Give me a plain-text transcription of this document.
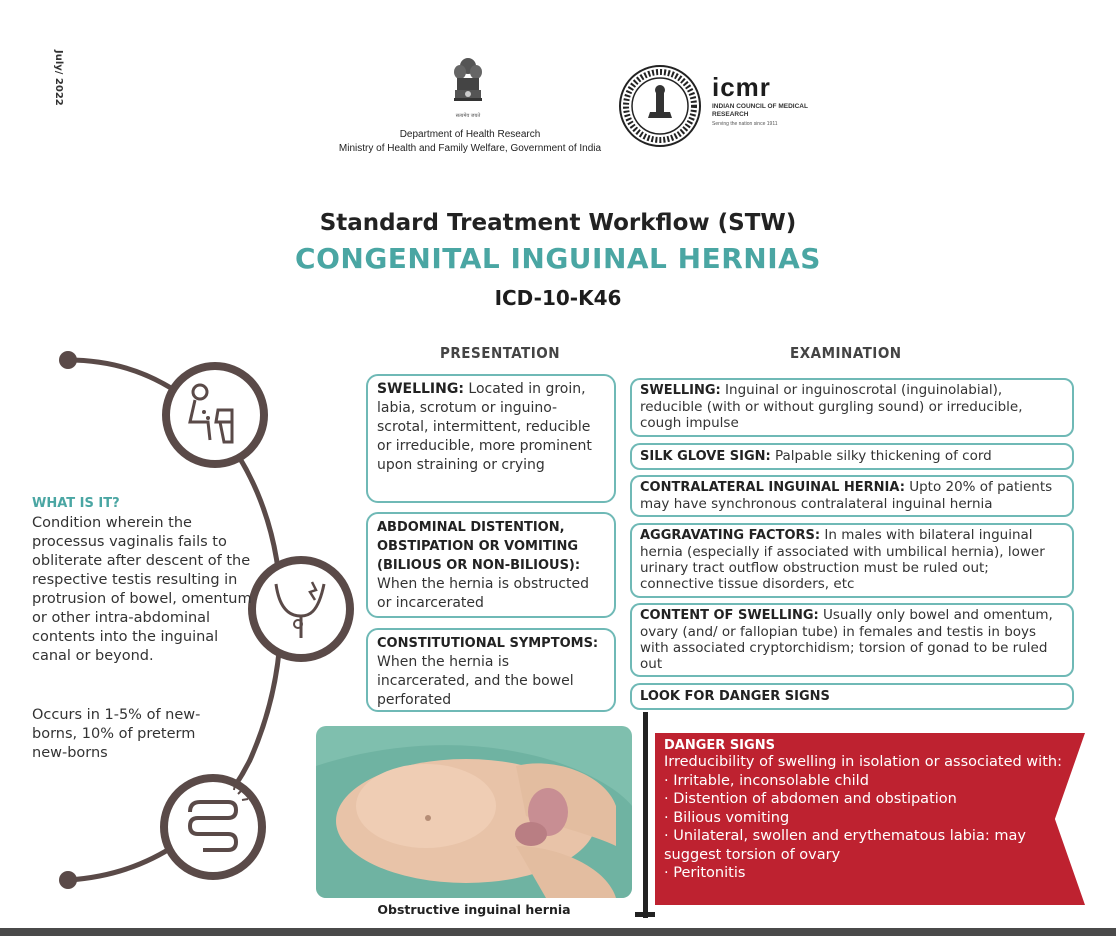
July/ 2022
सत्यमेव जयते
Department of Health Research
Ministry of Health and Family Welfare, Government of India
icmr
INDIAN COUNCIL OF MEDICAL RESEARCH
Serving the nation since 1911
Standard Treatment Workflow (STW)
CONGENITAL INGUINAL HERNIAS
ICD-10-K46
WHAT IS IT?
Condition wherein the processus vaginalis fails to obliterate after descent of the respective testis resulting in protrusion of bowel, omentum or other intra-abdominal contents into the inguinal canal or beyond.
Occurs in 1-5% of new-borns, 10% of preterm new-borns
PRESENTATION	EXAMINATION
SWELLING: Located in groin, labia, scrotum or inguino-scrotal, intermittent, reducible or irreducible, more prominent upon straining or crying
ABDOMINAL DISTENTION, OBSTIPATION OR VOMITING (BILIOUS OR NON-BILIOUS): When the hernia is obstructed or incarcerated
CONSTITUTIONAL SYMPTOMS: When the hernia is incarcerated, and the bowel perforated
SWELLING: Inguinal or inguinoscrotal (inguinolabial), reducible (with or without gurgling sound) or irreducible, cough impulse
SILK GLOVE SIGN: Palpable silky thickening of cord
CONTRALATERAL INGUINAL HERNIA: Upto 20% of patients may have synchronous contralateral inguinal hernia
AGGRAVATING FACTORS: In males with bilateral inguinal hernia (especially if associated with umbilical hernia), lower urinary tract outflow obstruction must be ruled out; connective tissue disorders, etc
CONTENT OF SWELLING: Usually only bowel and omentum, ovary (and/ or fallopian tube) in females and testis in boys with associated cryptorchidism; torsion of gonad to be ruled out
LOOK FOR DANGER SIGNS
Obstructive inguinal hernia
DANGER SIGNS
Irreducibility of swelling in isolation or associated with:
· Irritable, inconsolable child
· Distention of abdomen and obstipation
· Bilious vomiting
· Unilateral, swollen and erythematous labia: may suggest torsion of ovary
· Peritonitis
